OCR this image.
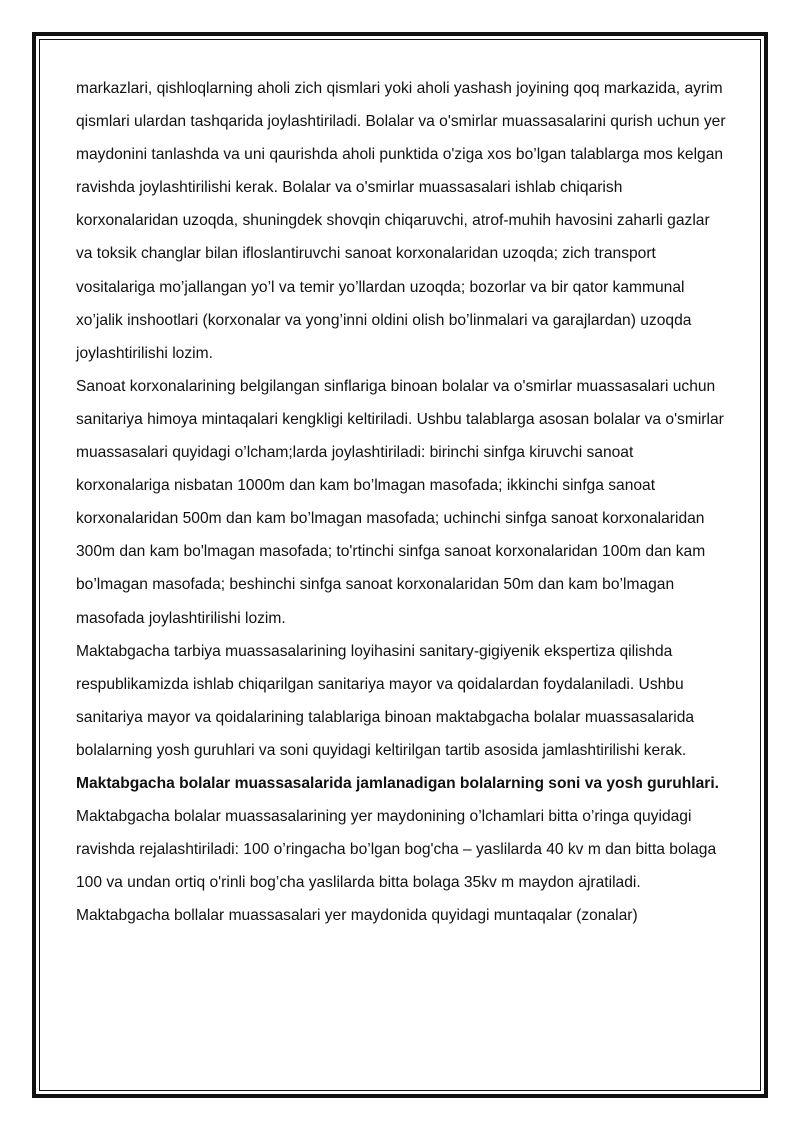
markazlari, qishloqlarning aholi zich qismlari yoki aholi yashash joyining qoq markazida, ayrim qismlari ulardan tashqarida joylashtiriladi. Bolalar va o'smirlar muassasalarini qurish uchun yer maydonini tanlashda va uni qaurishda aholi punktida o'ziga xos bo’lgan talablarga mos kelgan ravishda joylashtirilishi kerak. Bolalar va o'smirlar muassasalari ishlab chiqarish korxonalaridan uzoqda, shuningdek shovqin chiqaruvchi, atrof-muhih havosini zaharli gazlar va toksik changlar bilan ifloslantiruvchi sanoat korxonalaridan uzoqda; zich transport vositalariga mo’jallangan yo’l va temir yo’llardan uzoqda; bozorlar va bir qator kammunal xo’jalik inshootlari (korxonalar va yong’inni oldini olish bo’linmalari va garajlardan) uzoqda joylashtirilishi lozim.

Sanoat korxonalarining belgilangan sinflariga binoan bolalar va o'smirlar muassasalari uchun sanitariya himoya mintaqalari kengkligi keltiriladi. Ushbu talablarga asosan bolalar va o'smirlar muassasalari quyidagi o’lcham;larda joylashtiriladi: birinchi sinfga kiruvchi sanoat korxonalariga nisbatan 1000m dan kam bo’lmagan masofada; ikkinchi sinfga sanoat korxonalaridan 500m dan kam bo’lmagan masofada; uchinchi sinfga sanoat korxonalaridan 300m dan kam bo'lmagan masofada; to'rtinchi sinfga sanoat korxonalaridan 100m dan kam bo’lmagan masofada; beshinchi sinfga sanoat korxonalaridan 50m dan kam bo’lmagan masofada joylashtirilishi lozim.

Maktabgacha tarbiya muassasalarining loyihasini sanitary-gigiyenik ekspertiza qilishda respublikamizda ishlab chiqarilgan sanitariya mayor va qoidalardan foydalaniladi. Ushbu sanitariya mayor va qoidalarining talablariga binoan maktabgacha bolalar muassasalarida bolalarning yosh guruhlari va soni quyidagi keltirilgan tartib asosida jamlashtirilishi kerak.

Maktabgacha bolalar muassasalarida jamlanadigan bolalarning soni va yosh guruhlari.

Maktabgacha bolalar muassasalarining yer maydonining o’lchamlari bitta o’ringa quyidagi ravishda rejalashtiriladi: 100 o’ringacha bo’lgan bog'cha – yaslilarda 40 kv m dan bitta bolaga 100 va undan ortiq o'rinli bog’cha yaslilarda bitta bolaga 35kv m maydon ajratiladi.

Maktabgacha bollalar muassasalari yer maydonida quyidagi muntaqalar (zonalar)
